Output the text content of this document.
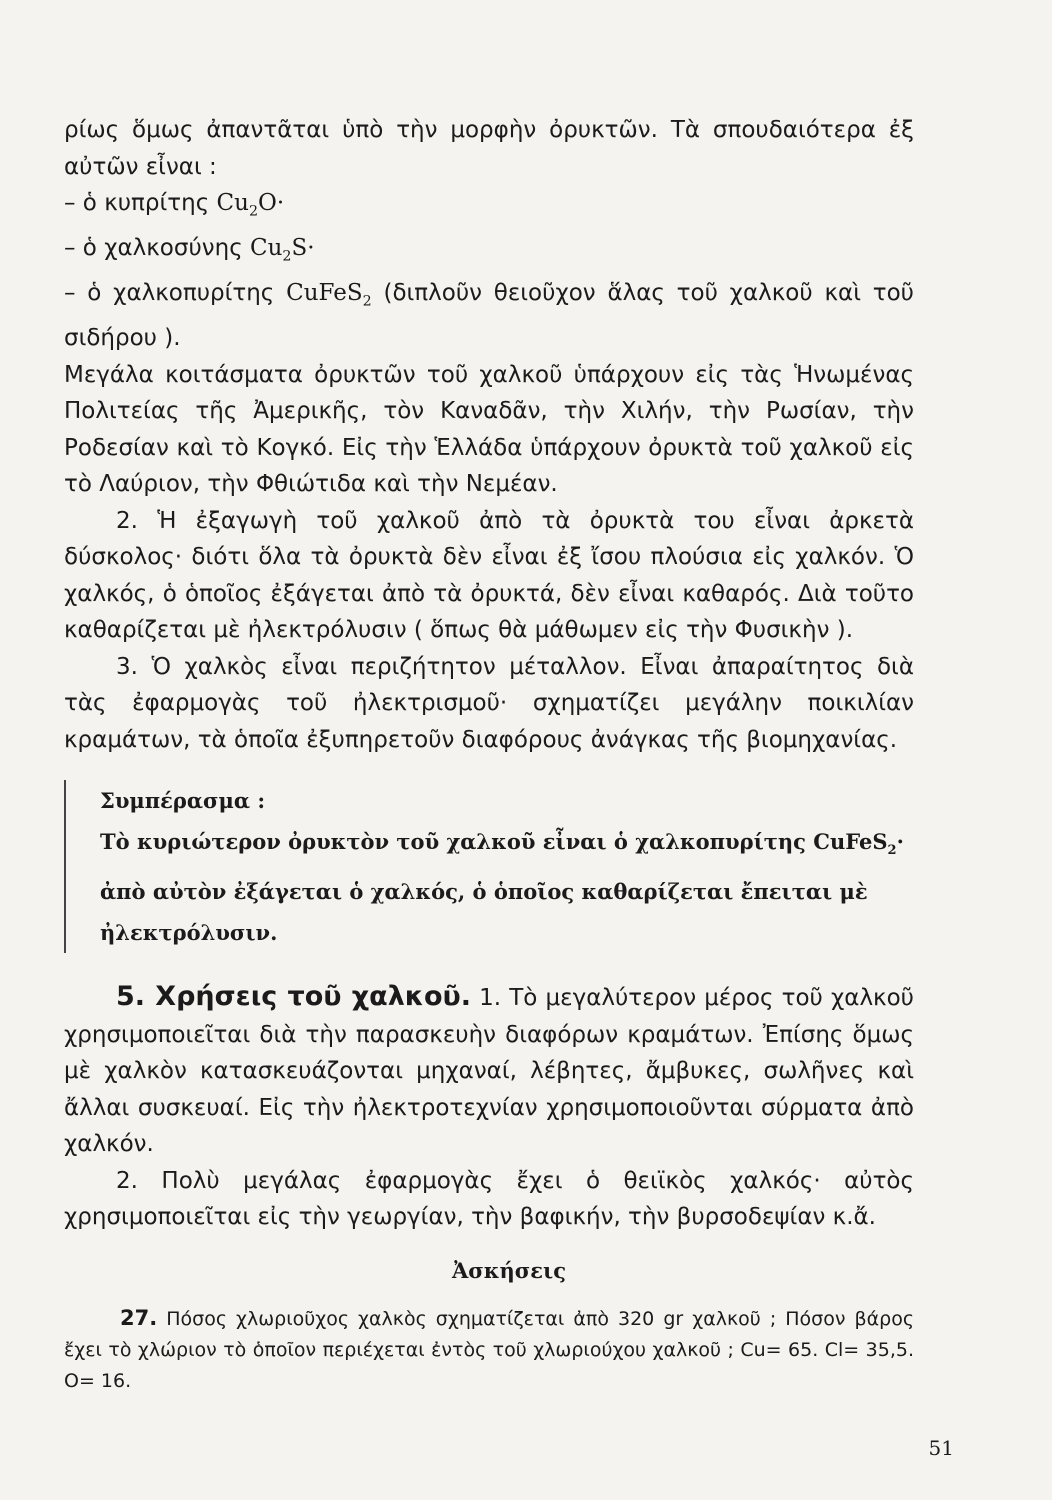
ρίως ὅμως ἀπαντᾶται ὑπὸ τὴν μορφὴν ὀρυκτῶν. Τὰ σπουδαιότερα ἐξ αὐτῶν εἶναι :

– ὁ κυπρίτης $Cu_2O\cdot$

– ὁ χαλκοσύνης $Cu_2S\cdot$

– ὁ χαλκοπυρίτης CuFeS$_2$ (διπλοῦν θειοῦχον ἅλας τοῦ χαλκοῦ καὶ τοῦ σιδήρου ).

Μεγάλα κοιτάσματα ὀρυκτῶν τοῦ χαλκοῦ ὑπάρχουν εἰς τὰς Ἡνωμένας Πολιτείας τῆς Ἀμερικῆς, τὸν Καναδᾶν, τὴν Χιλήν, τὴν Ρωσίαν, τὴν Ροδεσίαν καὶ τὸ Κογκό. Εἰς τὴν Ἑλλάδα ὑπάρχουν ὀρυκτὰ τοῦ χαλκοῦ εἰς τὸ Λαύριον, τὴν Φθιώτιδα καὶ τὴν Νεμέαν.

2. Ἡ ἐξαγωγὴ τοῦ χαλκοῦ ἀπὸ τὰ ὀρυκτὰ του εἶναι ἀρκετὰ δύσκολος· διότι ὅλα τὰ ὀρυκτὰ δὲν εἶναι ἐξ ἴσου πλούσια εἰς χαλκόν. Ὁ χαλκός, ὁ ὁποῖος ἐξάγεται ἀπὸ τὰ ὀρυκτά, δὲν εἶναι καθαρός. Διὰ τοῦτο καθαρίζεται μὲ ἠλεκτρόλυσιν ( ὅπως θὰ μάθωμεν εἰς τὴν Φυσικὴν ).

3. Ὁ χαλκὸς εἶναι περιζήτητον μέταλλον. Εἶναι ἀπαραίτητος διὰ τὰς ἐφαρμογὰς τοῦ ἠλεκτρισμοῦ· σχηματίζει μεγάλην ποικιλίαν κραμάτων, τὰ ὁποῖα ἐξυπηρετοῦν διαφόρους ἀνάγκας τῆς βιομηχανίας.

Συμπέρασμα :
Τὸ κυριώτερον ὀρυκτὸν τοῦ χαλκοῦ εἶναι ὁ χαλκοπυρίτης CuFeS$_2$· ἀπὸ αὐτὸν ἐξάγεται ὁ χαλκός, ὁ ὁποῖος καθαρίζεται ἔπειται μὲ ἠλεκτρόλυσιν.

5. Χρήσεις τοῦ χαλκοῦ. 1. Τὸ μεγαλύτερον μέρος τοῦ χαλκοῦ χρησιμοποιεῖται διὰ τὴν παρασκευὴν διαφόρων κραμάτων. Ἐπίσης ὅμως μὲ χαλκὸν κατασκευάζονται μηχαναί, λέβητες, ἄμβυκες, σωλῆνες καὶ ἄλλαι συσκευαί. Εἰς τὴν ἠλεκτροτεχνίαν χρησιμοποιοῦνται σύρματα ἀπὸ χαλκόν.

2. Πολὺ μεγάλας ἐφαρμογὰς ἔχει ὁ θειϊκὸς χαλκός· αὐτὸς χρησιμοποιεῖται εἰς τὴν γεωργίαν, τὴν βαφικήν, τὴν βυρσοδεψίαν κ.ἄ.

Ἀσκήσεις

27. Πόσος χλωριοῦχος χαλκὸς σχηματίζεται ἀπὸ 320 gr χαλκοῦ ; Πόσον βάρος ἔχει τὸ χλώριον τὸ ὁποῖον περιέχεται ἐντὸς τοῦ χλωριούχου χαλκοῦ ; Cu= 65. Cl= 35,5. O= 16.

51
